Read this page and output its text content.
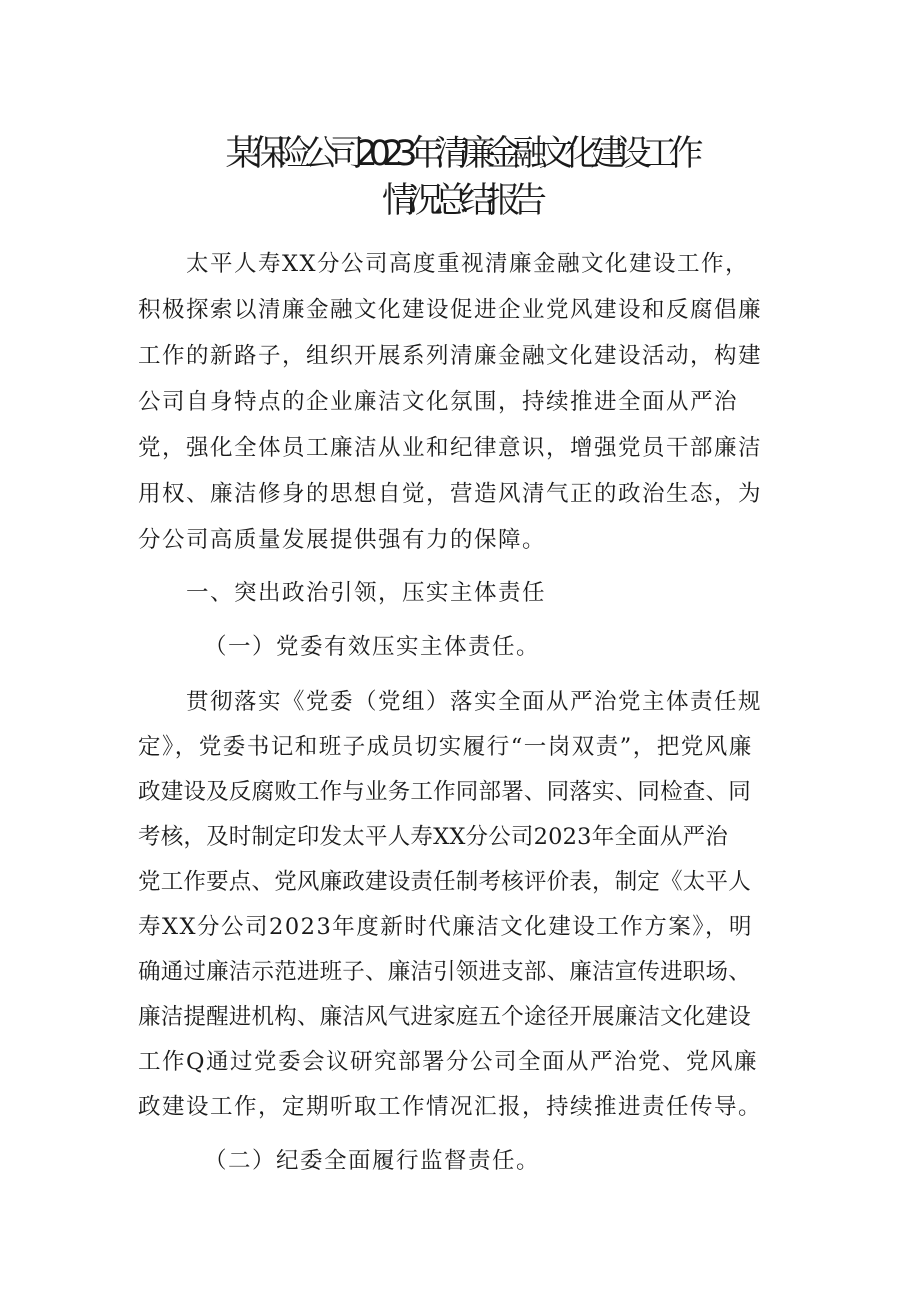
某保险公司2023年清廉金融文化建设工作
情况总结报告
太平人寿XX分公司高度重视清廉金融文化建设工作，
积极探索以清廉金融文化建设促进企业党风建设和反腐倡廉
工作的新路子，组织开展系列清廉金融文化建设活动，构建
公司自身特点的企业廉洁文化氛围，持续推进全面从严治
党，强化全体员工廉洁从业和纪律意识，增强党员干部廉洁
用权、廉洁修身的思想自觉，营造风清气正的政治生态，为
分公司高质量发展提供强有力的保障。
一、突出政治引领，压实主体责任
（一）党委有效压实主体责任。
贯彻落实《党委（党组）落实全面从严治党主体责任规
定》，党委书记和班子成员切实履行“一岗双责”，把党风廉
政建设及反腐败工作与业务工作同部署、同落实、同检查、同
考核，及时制定印发太平人寿XX分公司2023年全面从严治
党工作要点、党风廉政建设责任制考核评价表，制定《太平人
寿XX分公司2023年度新时代廉洁文化建设工作方案》，明
确通过廉洁示范进班子、廉洁引领进支部、廉洁宣传进职场、
廉洁提醒进机构、廉洁风气进家庭五个途径开展廉洁文化建设
工作Q通过党委会议研究部署分公司全面从严治党、党风廉
政建设工作，定期听取工作情况汇报，持续推进责任传导。
（二）纪委全面履行监督责任。
